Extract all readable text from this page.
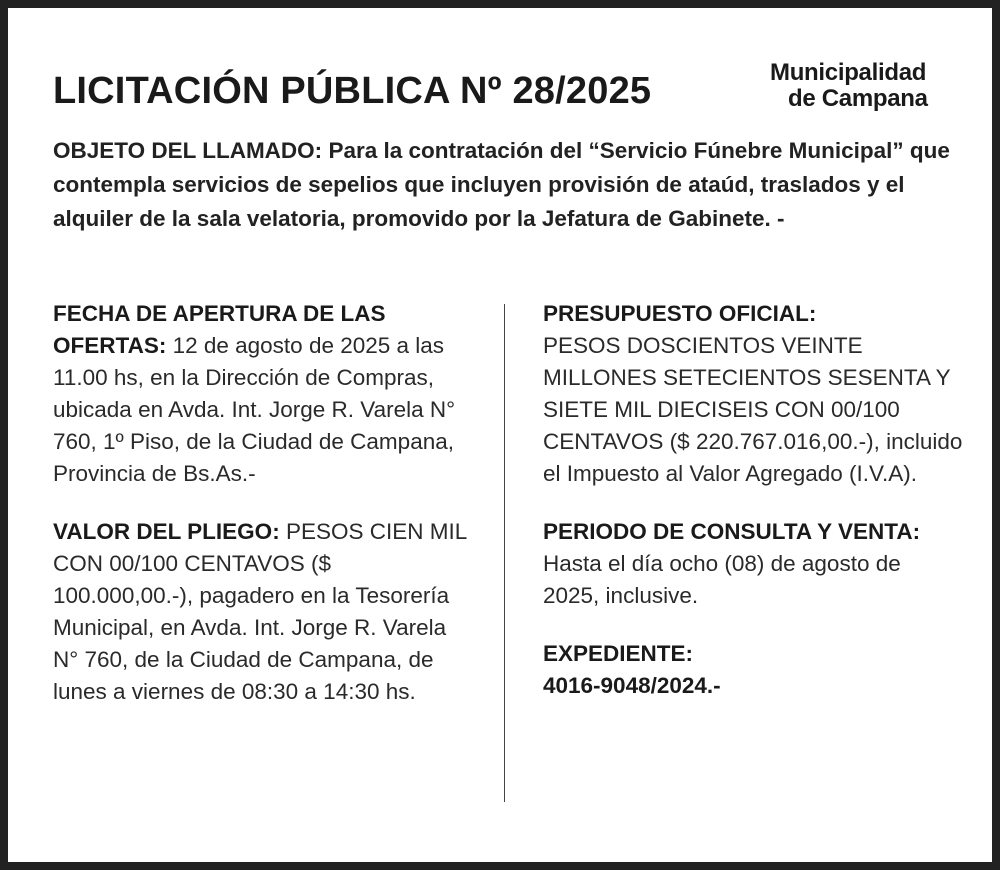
LICITACIÓN PÚBLICA Nº 28/2025	Municipalidad
de Campana

OBJETO DEL LLAMADO: Para la contratación del “Servicio Fúnebre Municipal” que contempla servicios de sepelios que incluyen provisión de ataúd, traslados y el alquiler de la sala velatoria, promovido por la Jefatura de Gabinete. -

FECHA DE APERTURA DE LAS OFERTAS: 12 de agosto de 2025 a las 11.00 hs, en la Dirección de Compras, ubicada en Avda. Int. Jorge R. Varela N° 760, 1º Piso, de la Ciudad de Campana, Provincia de Bs.As.-

VALOR DEL PLIEGO: PESOS CIEN MIL CON 00/100 CENTAVOS ($ 100.000,00.-), pagadero en la Tesorería Municipal, en Avda. Int. Jorge R. Varela N° 760, de la Ciudad de Campana, de lunes a viernes de 08:30 a 14:30 hs.

PRESUPUESTO OFICIAL:
PESOS DOSCIENTOS VEINTE MILLONES SETECIENTOS SESENTA Y SIETE MIL DIECISEIS CON 00/100 CENTAVOS ($ 220.767.016,00.-), incluido el Impuesto al Valor Agregado (I.V.A).

PERIODO DE CONSULTA Y VENTA: Hasta el día ocho (08) de agosto de 2025, inclusive.

EXPEDIENTE:
4016-9048/2024.-
